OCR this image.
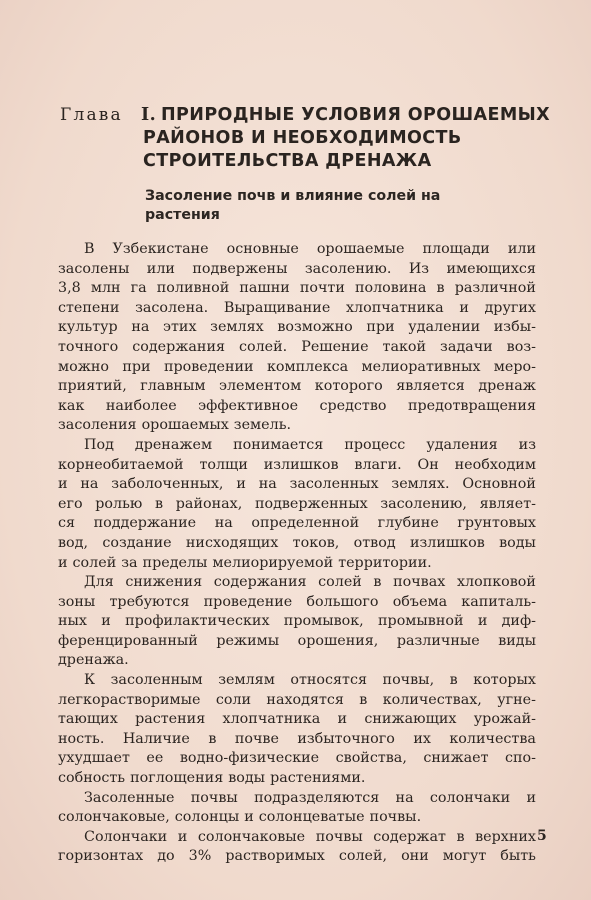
Глава I. ПРИРОДНЫЕ УСЛОВИЯ ОРОШАЕМЫХ
РАЙОНОВ И НЕОБХОДИМОСТЬ
СТРОИТЕЛЬСТВА ДРЕНАЖА
Засоление почв и влияние солей на
растения
В Узбекистане основные орошаемые площади или
засолены или подвержены засолению. Из имеющихся
3,8 млн га поливной пашни почти половина в различной
степени засолена. Выращивание хлопчатника и других
культур на этих землях возможно при удалении избы-
точного содержания солей. Решение такой задачи воз-
можно при проведении комплекса мелиоративных меро-
приятий, главным элементом которого является дренаж
как наиболее эффективное средство предотвращения
засоления орошаемых земель.
Под дренажем понимается процесс удаления из
корнеобитаемой толщи излишков влаги. Он необходим
и на заболоченных, и на засоленных землях. Основной
его ролью в районах, подверженных засолению, являет-
ся поддержание на определенной глубине грунтовых
вод, создание нисходящих токов, отвод излишков воды
и солей за пределы мелиорируемой территории.
Для снижения содержания солей в почвах хлопковой
зоны требуются проведение большого объема капиталь-
ных и профилактических промывок, промывной и диф-
ференцированный режимы орошения, различные виды
дренажа.
К засоленным землям относятся почвы, в которых
легкорастворимые соли находятся в количествах, угне-
тающих растения хлопчатника и снижающих урожай-
ность. Наличие в почве избыточного их количества
ухудшает ее водно-физические свойства, снижает спо-
собность поглощения воды растениями.
Засоленные почвы подразделяются на солончаки и
солончаковые, солонцы и солонцеватые почвы.
Солончаки и солончаковые почвы содержат в верхних
горизонтах до 3% растворимых солей, они могут быть
5
